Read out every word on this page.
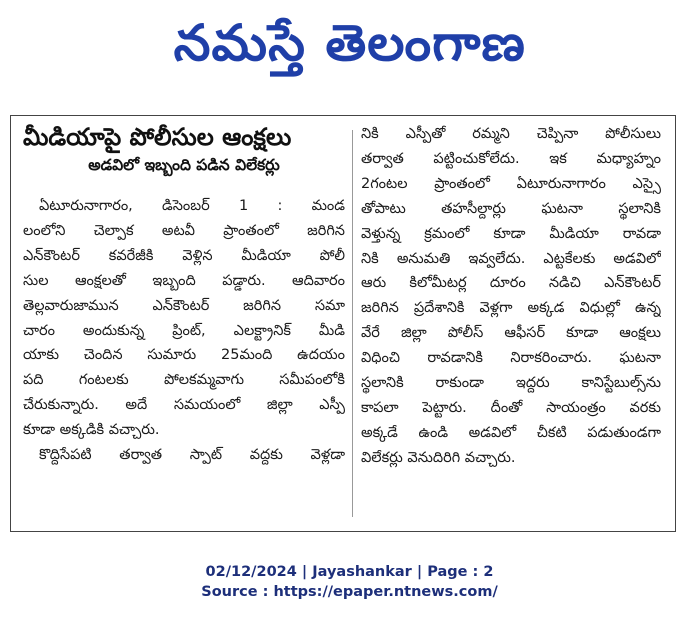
నమస్తే తెలంగాణ
మీడియాపై పోలీసుల ఆంక్షలు
అడవిలో ఇబ్బంది పడిన విలేకర్లు
ఏటూరునాగారం, డిసెంబర్ 1 : మండ
లంలోని చెల్పాక అటవీ ప్రాంతంలో జరిగిన
ఎన్‌కౌంటర్ కవరేజీకి వెళ్లిన మీడియా పోలీ
సుల ఆంక్షలతో ఇబ్బంది పడ్డారు. ఆదివారం
తెల్లవారుజామున ఎన్‌కౌంటర్ జరిగిన సమా
చారం అందుకున్న ప్రింట్, ఎలక్ట్రానిక్ మీడి
యాకు చెందిన సుమారు 25మంది ఉదయం
పది గంటలకు పోలకమ్మవాగు సమీపంలోకి
చేరుకున్నారు. అదే సమయంలో జిల్లా ఎస్పీ
కూడా అక్కడికి వచ్చారు.
కొద్దిసేపటి తర్వాత స్పాట్ వద్దకు వెళ్లడా
నికి ఎస్పీతో రమ్మని చెప్పినా పోలీసులు
తర్వాత పట్టించుకోలేదు. ఇక మధ్యాహ్నం
2గంటల ప్రాంతంలో ఏటూరునాగారం ఎస్సై
తోపాటు తహసీల్దార్లు ఘటనా స్థలానికి
వెళ్తున్న క్రమంలో కూడా మీడియా రావడా
నికి అనుమతి ఇవ్వలేదు. ఎట్టకేలకు అడవిలో
ఆరు కిలోమీటర్ల దూరం నడిచి ఎన్‌కౌంటర్
జరిగిన ప్రదేశానికి వెళ్లగా అక్కడ విధుల్లో ఉన్న
వేరే జిల్లా పోలీస్ ఆఫీసర్ కూడా ఆంక్షలు
విధించి రావడానికి నిరాకరించారు. ఘటనా
స్థలానికి రాకుండా ఇద్దరు కానిస్టేబుల్స్‌ను
కాపలా పెట్టారు. దీంతో సాయంత్రం వరకు
అక్కడే ఉండి అడవిలో చీకటి పడుతుండగా
విలేకర్లు వెనుదిరిగి వచ్చారు.
02/12/2024 | Jayashankar | Page : 2
Source : https://epaper.ntnews.com/
